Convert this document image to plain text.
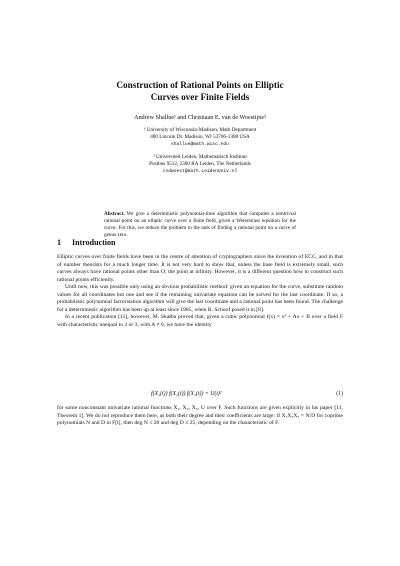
Construction of Rational Points on Elliptic
Curves over Finite Fields
Andrew Shallue¹ and Christiaan E. van de Woestijne²
¹ University of Wisconsin-Madison, Math Department
480 Lincoln Dr. Madison, WI 53706-1388 USA
shallue@math.wisc.edu
² Universiteit Leiden, Mathematisch Instituut
Postbus 9512, 2300 RA Leiden, The Netherlands
cvdwoest@math.LeidenUniv.nl
Abstract. We give a deterministic polynomial-time algorithm that computes a nontrivial rational point on an elliptic curve over a finite field, given a Weierstrass equation for the curve. For this, we reduce the problem to the task of finding a rational point on a curve of genus zero.
1 Introduction

Elliptic curves over finite fields have been in the centre of attention of cryptographers since the invention of ECC, and in that of number theorists for a much longer time. It is not very hard to show that, unless the base field is extremely small, such curves always have rational points other than O, the point at infinity. However, it is a different question how to construct such rational points efficiently.

Until now, this was possible only using an obvious probabilistic method: given an equation for the curve, substitute random values for all coordinates but one and see if the remaining univariate equation can be solved for the last coordinate. If so, a probabilistic polynomial factorisation algorithm will give the last coordinate and a rational point has been found. The challenge for a deterministic algorithm has been up at least since 1985, when R. Schoof posed it in [8].

In a recent publication [11], however, M. Skałba proved that, given a cubic polynomial f(x) = x³ + Ax + B over a field F with characteristic unequal to 2 or 3, with A ≠ 0, we have the identity

f(X₁(t)) f(X₂(t)) f(X₃(t)) = U(t)²	(1)

for some nonconstant univariate rational functions X₁, X₂, X₃, U over F. Such functions are given explicitly in his paper [11, Theorem 1]. We do not reproduce them here, as both their degree and their coefficients are large: if X₁X₂X₃ = N/D for coprime polynomials N and D in F[t], then deg N ≤ 26 and deg D ≤ 25, depending on the characteristic of F.
